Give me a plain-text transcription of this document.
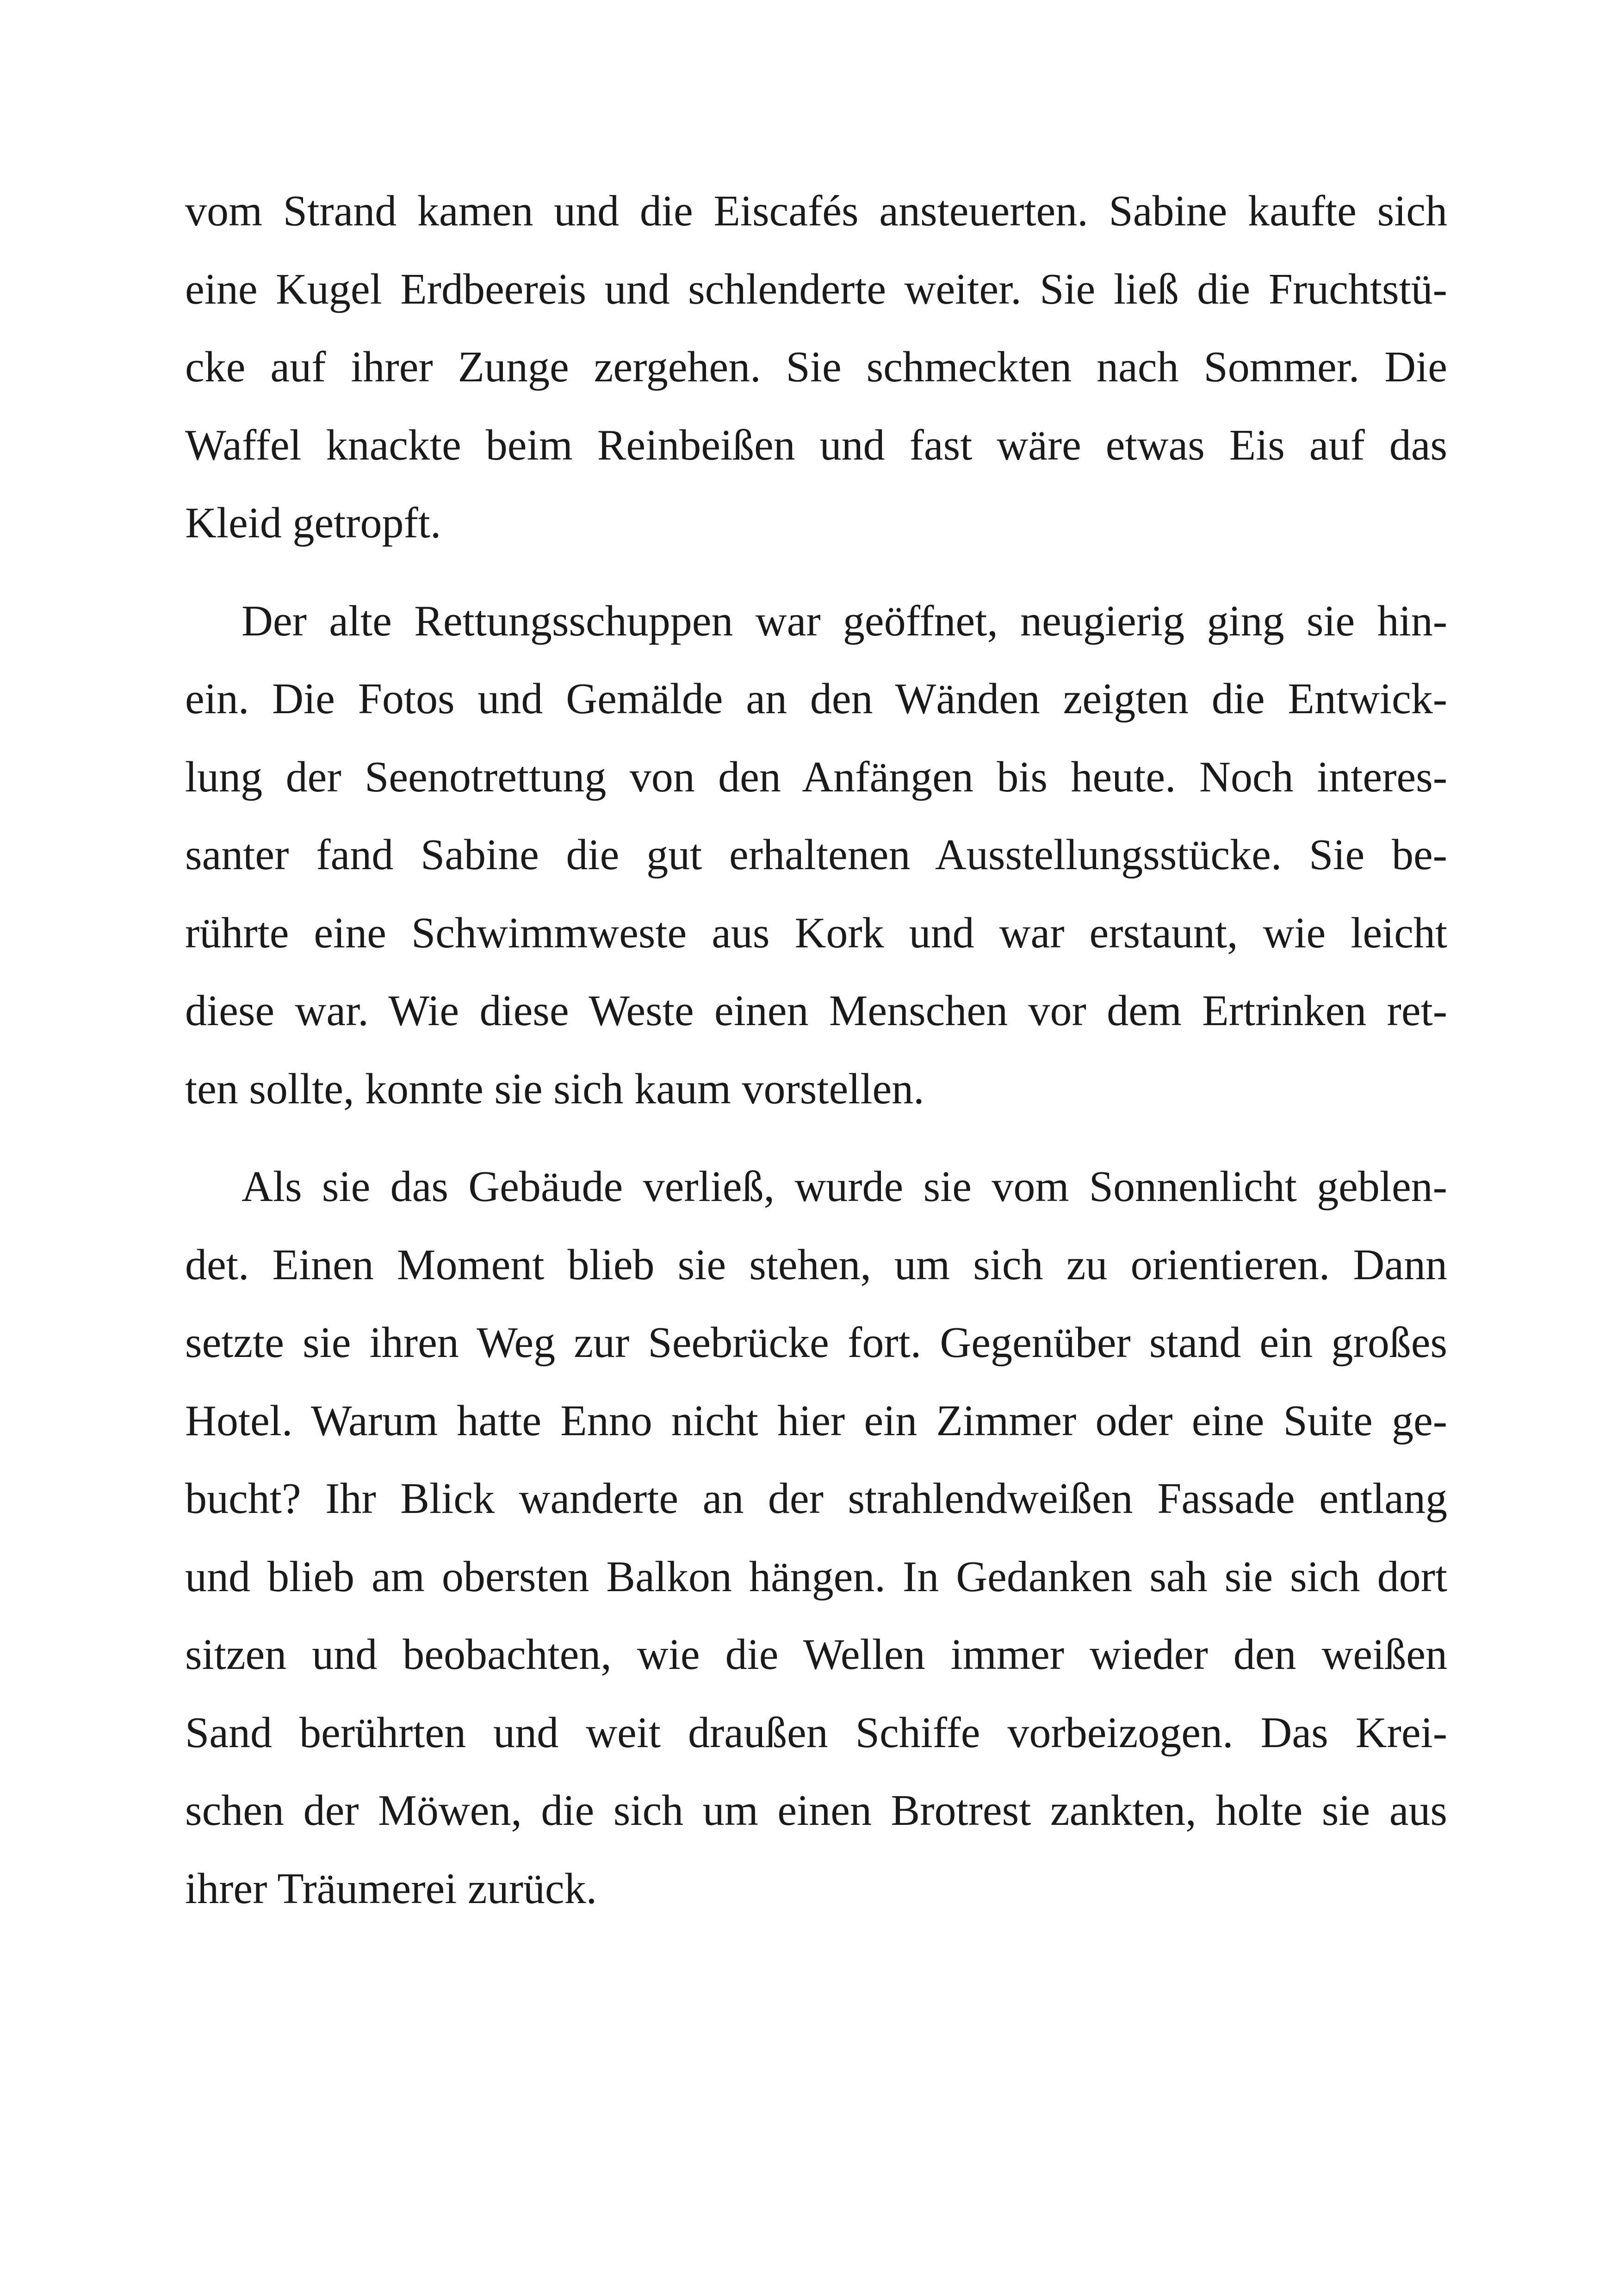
vom Strand kamen und die Eiscafés ansteuerten. Sabine kaufte sich
eine Kugel Erdbeereis und schlenderte weiter. Sie ließ die Fruchtstü-
cke auf ihrer Zunge zergehen. Sie schmeckten nach Sommer. Die
Waffel knackte beim Reinbeißen und fast wäre etwas Eis auf das
Kleid getropft.
Der alte Rettungsschuppen war geöffnet, neugierig ging sie hin-
ein. Die Fotos und Gemälde an den Wänden zeigten die Entwick-
lung der Seenotrettung von den Anfängen bis heute. Noch interes-
santer fand Sabine die gut erhaltenen Ausstellungsstücke. Sie be-
rührte eine Schwimmweste aus Kork und war erstaunt, wie leicht
diese war. Wie diese Weste einen Menschen vor dem Ertrinken ret-
ten sollte, konnte sie sich kaum vorstellen.
Als sie das Gebäude verließ, wurde sie vom Sonnenlicht geblen-
det. Einen Moment blieb sie stehen, um sich zu orientieren. Dann
setzte sie ihren Weg zur Seebrücke fort. Gegenüber stand ein großes
Hotel. Warum hatte Enno nicht hier ein Zimmer oder eine Suite ge-
bucht? Ihr Blick wanderte an der strahlendweißen Fassade entlang
und blieb am obersten Balkon hängen. In Gedanken sah sie sich dort
sitzen und beobachten, wie die Wellen immer wieder den weißen
Sand berührten und weit draußen Schiffe vorbeizogen. Das Krei-
schen der Möwen, die sich um einen Brotrest zankten, holte sie aus
ihrer Träumerei zurück.
